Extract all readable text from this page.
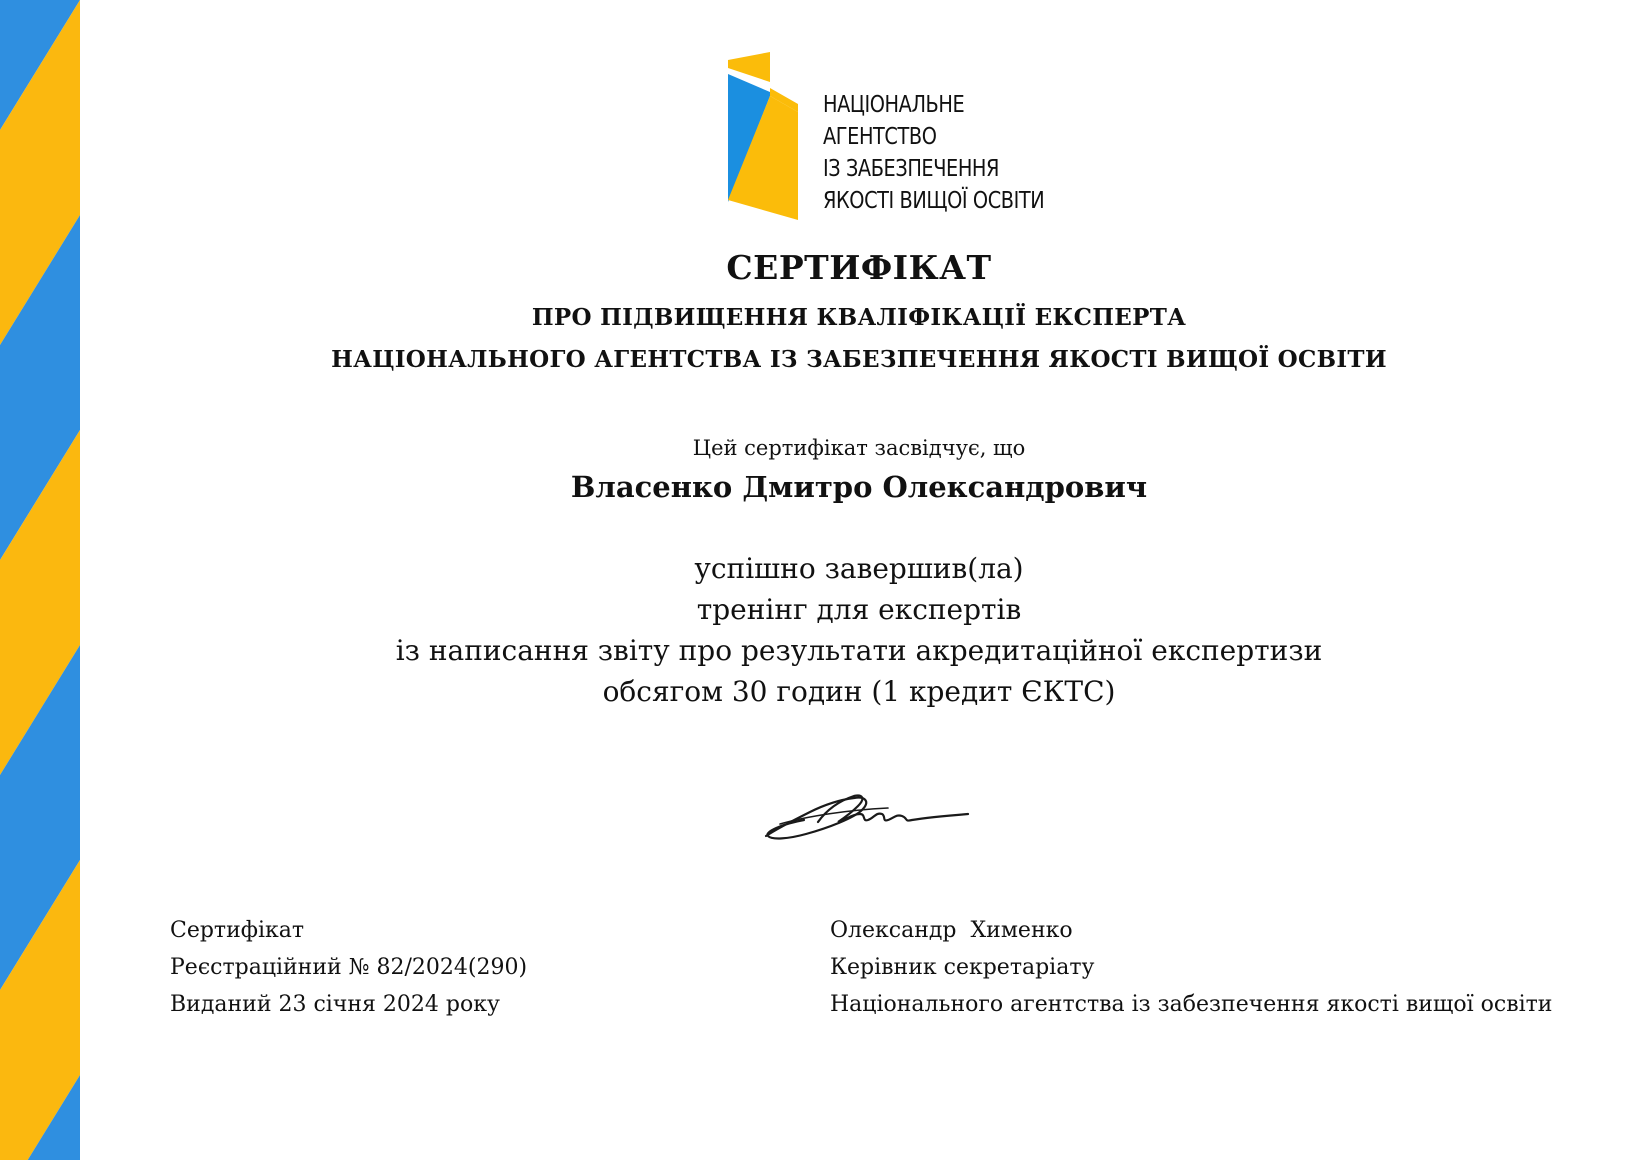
НАЦІОНАЛЬНЕ
АГЕНТСТВО
ІЗ ЗАБЕЗПЕЧЕННЯ
ЯКОСТІ ВИЩОЇ ОСВІТИ
СЕРТИФІКАТ
ПРО ПІДВИЩЕННЯ КВАЛІФІКАЦІЇ ЕКСПЕРТА
НАЦІОНАЛЬНОГО АГЕНТСТВА ІЗ ЗАБЕЗПЕЧЕННЯ ЯКОСТІ ВИЩОЇ ОСВІТИ
Цей сертифікат засвідчує, що
Власенко Дмитро Олександрович
успішно завершив(ла)
тренінг для експертів
із написання звіту про результати акредитаційної експертизи
обсягом 30 годин (1 кредит ЄКТС)
Сертифікат
Реєстраційний № 82/2024(290)
Виданий 23 січня 2024 року
Олександр  Хименко
Керівник секретаріату
Національного агентства із забезпечення якості вищої освіти
